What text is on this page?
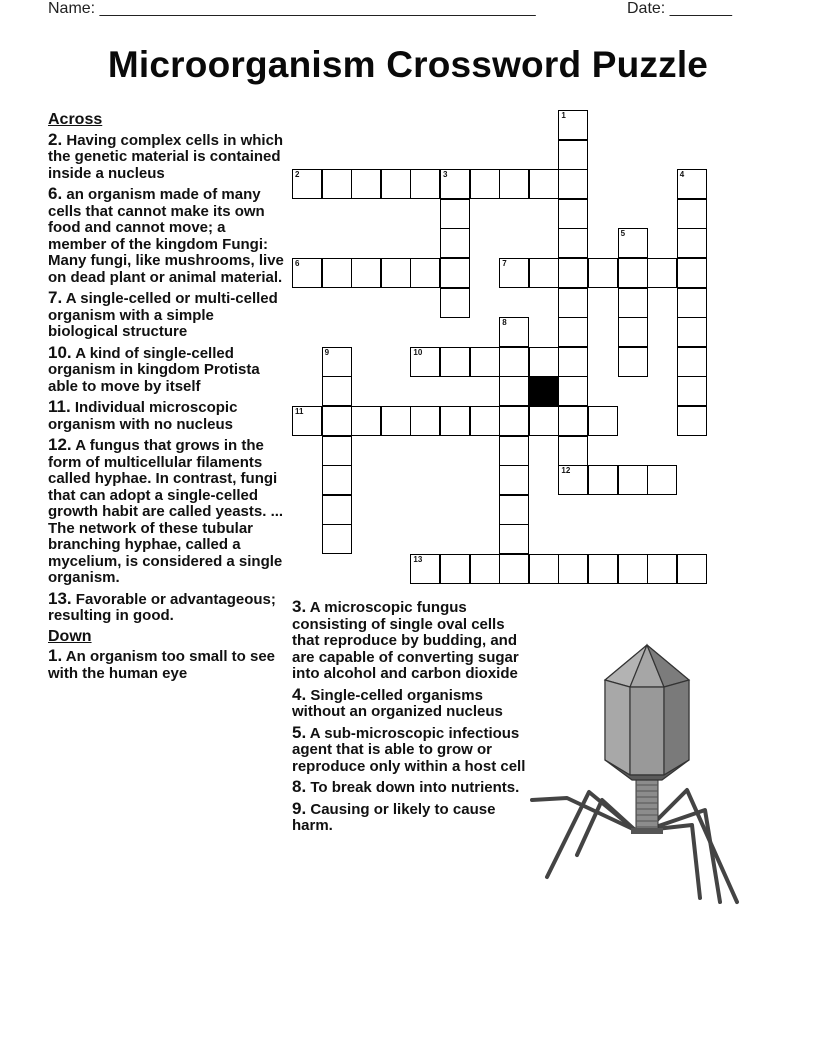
Name: _________________________________________________	Date: _______
Microorganism Crossword Puzzle
Across
2. Having complex cells in which the genetic material is contained inside a nucleus
6. an organism made of many cells that cannot make its own food and cannot move; a member of the kingdom Fungi: Many fungi, like mushrooms, live on dead plant or animal material.
7. A single-celled or multi-celled organism with a simple biological structure
10. A kind of single-celled organism in kingdom Protista able to move by itself
11. Individual microscopic organism with no nucleus
12. A fungus that grows in the form of multicellular filaments called hyphae. In contrast, fungi that can adopt a single-celled growth habit are called yeasts. ... The network of these tubular branching hyphae, called a mycelium, is considered a single organism.
13. Favorable or advantageous; resulting in good.
Down
1. An organism too small to see with the human eye
3. A microscopic fungus consisting of single oval cells that reproduce by budding, and are capable of converting sugar into alcohol and carbon dioxide
4. Single-celled organisms without an organized nucleus
5. A sub-microscopic infectious agent that is able to grow or reproduce only within a host cell
8. To break down into nutrients.
9. Causing or likely to cause harm.
1
2	3	4
5
6	7
8
9	10
11
12
13
